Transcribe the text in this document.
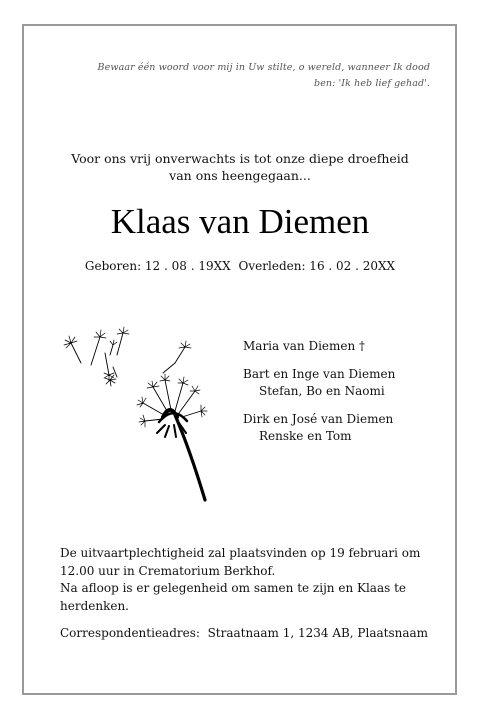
Bewaar één woord voor mij in Uw stilte, o wereld, wanneer Ik dood
ben: 'Ik heb lief gehad'.
Voor ons vrij onverwachts is tot onze diepe droefheid
van ons heengegaan...
Klaas van Diemen
Geboren: 12 . 08 . 19XX Overleden: 16 . 02 . 20XX
Maria van Diemen †
Bart en Inge van Diemen
Stefan, Bo en Naomi
Dirk en José van Diemen
Renske en Tom

De uitvaartplechtigheid zal plaatsvinden op 19 februari om 12.00 uur in Crematorium Berkhof.

Na afloop is er gelegenheid om samen te zijn en Klaas te herdenken.

Correspondentieadres: Straatnaam 1, 1234 AB, Plaatsnaam
